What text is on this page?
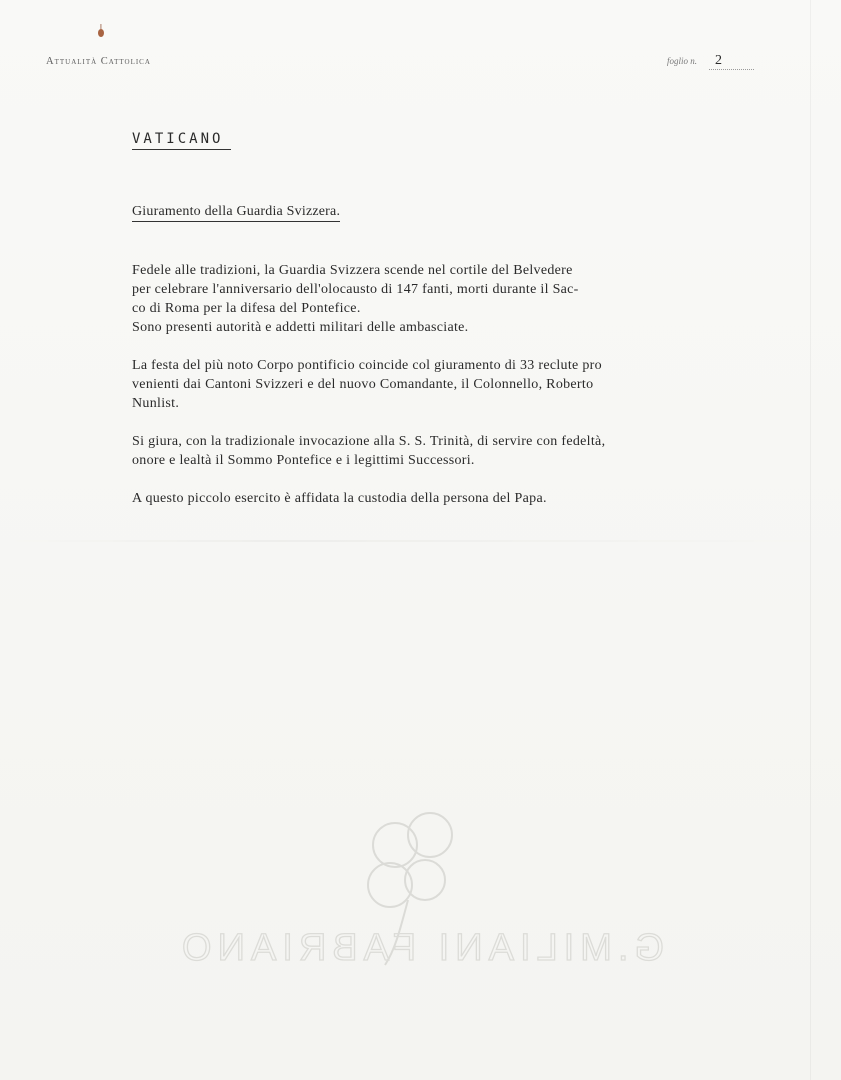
Attualità Cattolica	foglio n. 2
VATICANO
Giuramento della Guardia Svizzera.
Fedele alle tradizioni, la Guardia Svizzera scende nel cortile del Belvedere
per celebrare l'anniversario dell'olocausto di 147 fanti, morti durante il Sac-
co di Roma per la difesa del Pontefice.
Sono presenti autorità e addetti militari delle ambasciate.
La festa del più noto Corpo pontificio coincide col giuramento di 33 reclute pro
venienti dai Cantoni Svizzeri e del nuovo Comandante, il Colonnello, Roberto
Nunlist.
Si giura, con la tradizionale invocazione alla S. S. Trinità, di servire con fedeltà,
onore e lealtà il Sommo Pontefice e i legittimi Successori.
A questo piccolo esercito è affidata la custodia della persona del Papa.
G.MILIANI FABRIANO
